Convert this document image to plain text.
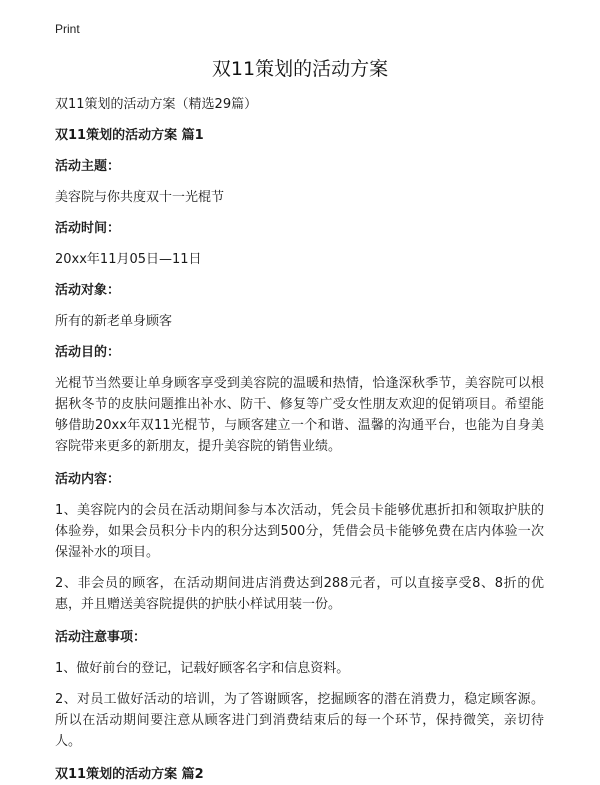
Print
双11策划的活动方案

双11策划的活动方案（精选29篇）

双11策划的活动方案 篇1

活动主题：

美容院与你共度双十一光棍节

活动时间：

20xx年11月05日—11日

活动对象：

所有的新老单身顾客

活动目的：

光棍节当然要让单身顾客享受到美容院的温暖和热情，恰逢深秋季节，美容院可以根据秋冬节的皮肤问题推出补水、防干、修复等广受女性朋友欢迎的促销项目。希望能够借助20xx年双11光棍节，与顾客建立一个和谐、温馨的沟通平台，也能为自身美容院带来更多的新朋友，提升美容院的销售业绩。

活动内容：

1、美容院内的会员在活动期间参与本次活动，凭会员卡能够优惠折扣和领取护肤的体验券，如果会员积分卡内的积分达到500分，凭借会员卡能够免费在店内体验一次保湿补水的项目。

2、非会员的顾客，在活动期间进店消费达到288元者，可以直接享受8、8折的优惠，并且赠送美容院提供的护肤小样试用装一份。

活动注意事项：

1、做好前台的登记，记载好顾客名字和信息资料。

2、对员工做好活动的培训，为了答谢顾客，挖掘顾客的潜在消费力，稳定顾客源。所以在活动期间要注意从顾客进门到消费结束后的每一个环节，保持微笑，亲切待人。

双11策划的活动方案 篇2
